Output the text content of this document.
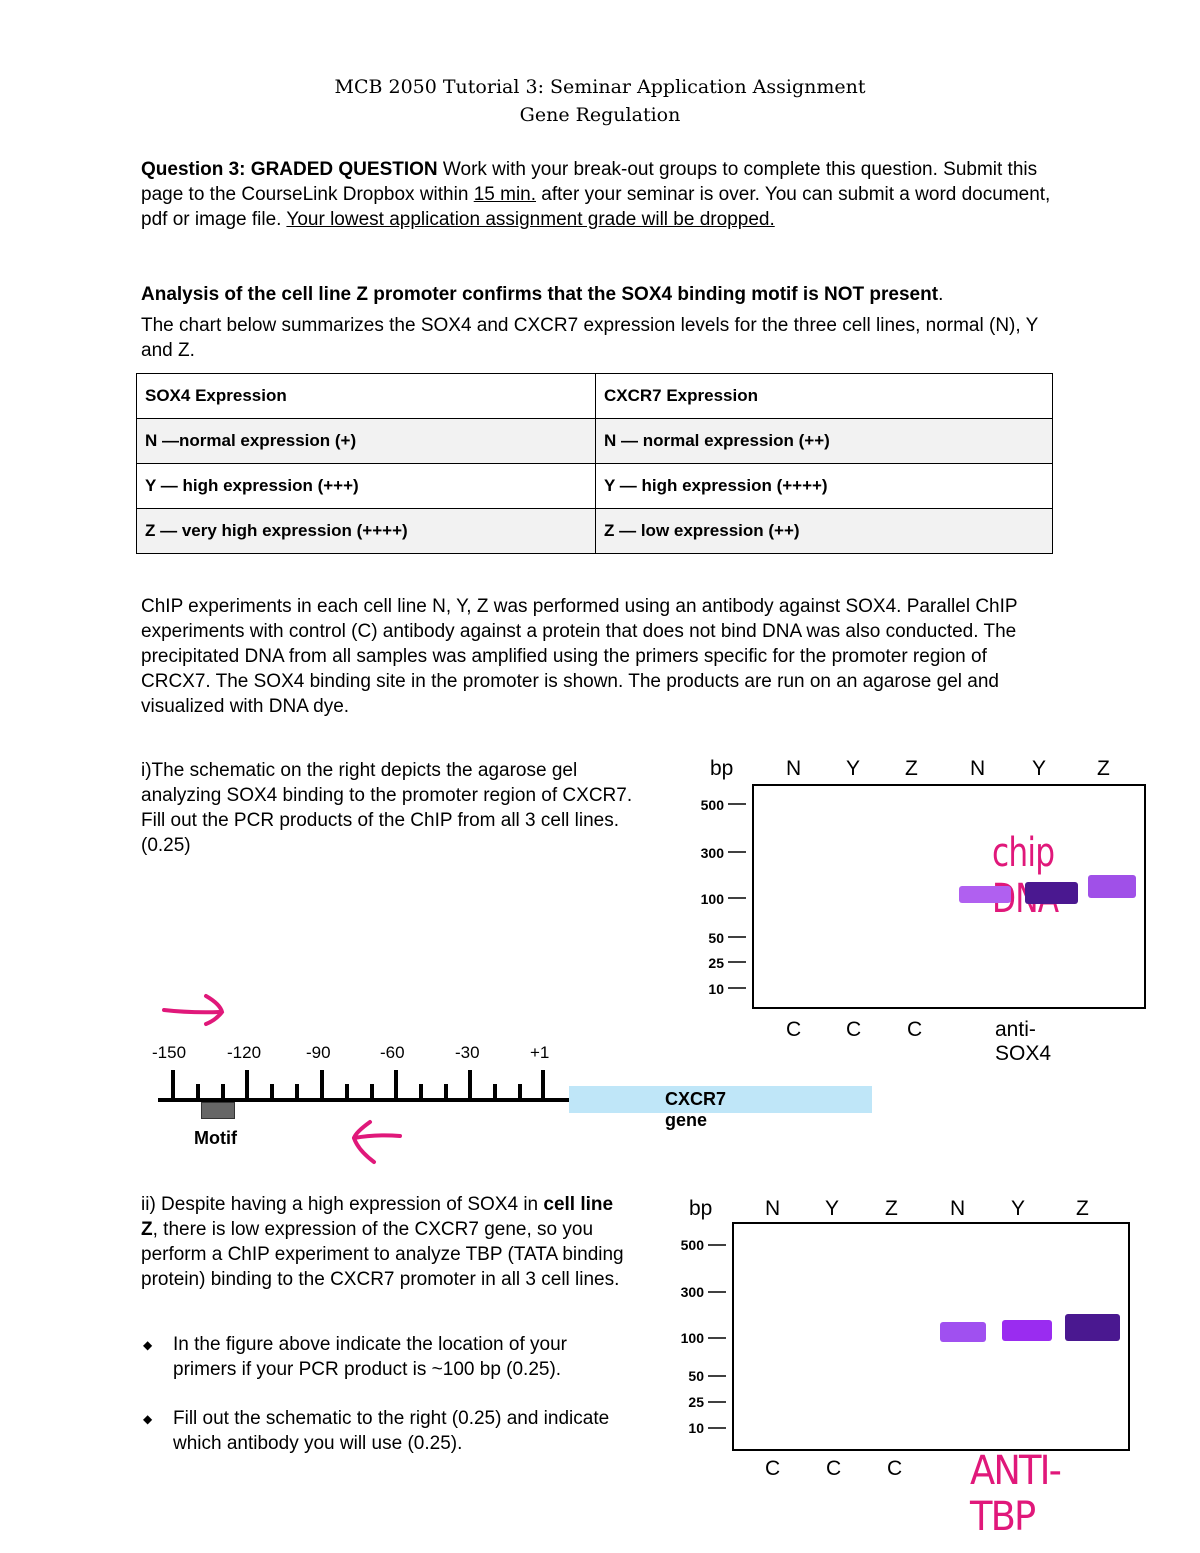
MCB 2050 Tutorial 3: Seminar Application Assignment
Gene Regulation
Question 3: GRADED QUESTION Work with your break-out groups to complete this question. Submit this page to the CourseLink Dropbox within 15 min. after your seminar is over. You can submit a word document, pdf or image file. Your lowest application assignment grade will be dropped.
Analysis of the cell line Z promoter confirms that the SOX4 binding motif is NOT present.
The chart below summarizes the SOX4 and CXCR7 expression levels for the three cell lines, normal (N), Y and Z.
SOX4 Expression	CXCR7 Expression
N —normal expression (+)	N — normal expression (++)
Y — high expression (+++)	Y — high expression (++++)
Z — very high expression (++++)	Z — low expression (++)
ChIP experiments in each cell line N, Y, Z was performed using an antibody against SOX4. Parallel ChIP experiments with control (C) antibody against a protein that does not bind DNA was also conducted. The precipitated DNA from all samples was amplified using the primers specific for the promoter region of CRCX7. The SOX4 binding site in the promoter is shown. The products are run on an agarose gel and visualized with DNA dye.
i)The schematic on the right depicts the agarose gel analyzing SOX4 binding to the promoter region of CXCR7. Fill out the PCR products of the ChIP from all 3 cell lines. (0.25)
bp	N Y Z N Y Z
500
300
100
50
25
10
C C C	anti-SOX4
chip
-150 -120	-90	-60	-30	+1
Motif
CXCR7 gene
ii) Despite having a high expression of SOX4 in cell line Z, there is low expression of the CXCR7 gene, so you perform a ChIP experiment to analyze TBP (TATA binding protein) binding to the CXCR7 promoter in all 3 cell lines.
◆ In the figure above indicate the location of your primers if your PCR product is ~100 bp (0.25).
◆ Fill out the schematic to the right (0.25) and indicate which antibody you will use (0.25).
bp	N Y Z N Y Z
500
300
100
50
25
10
C C C ANTI-TBP
